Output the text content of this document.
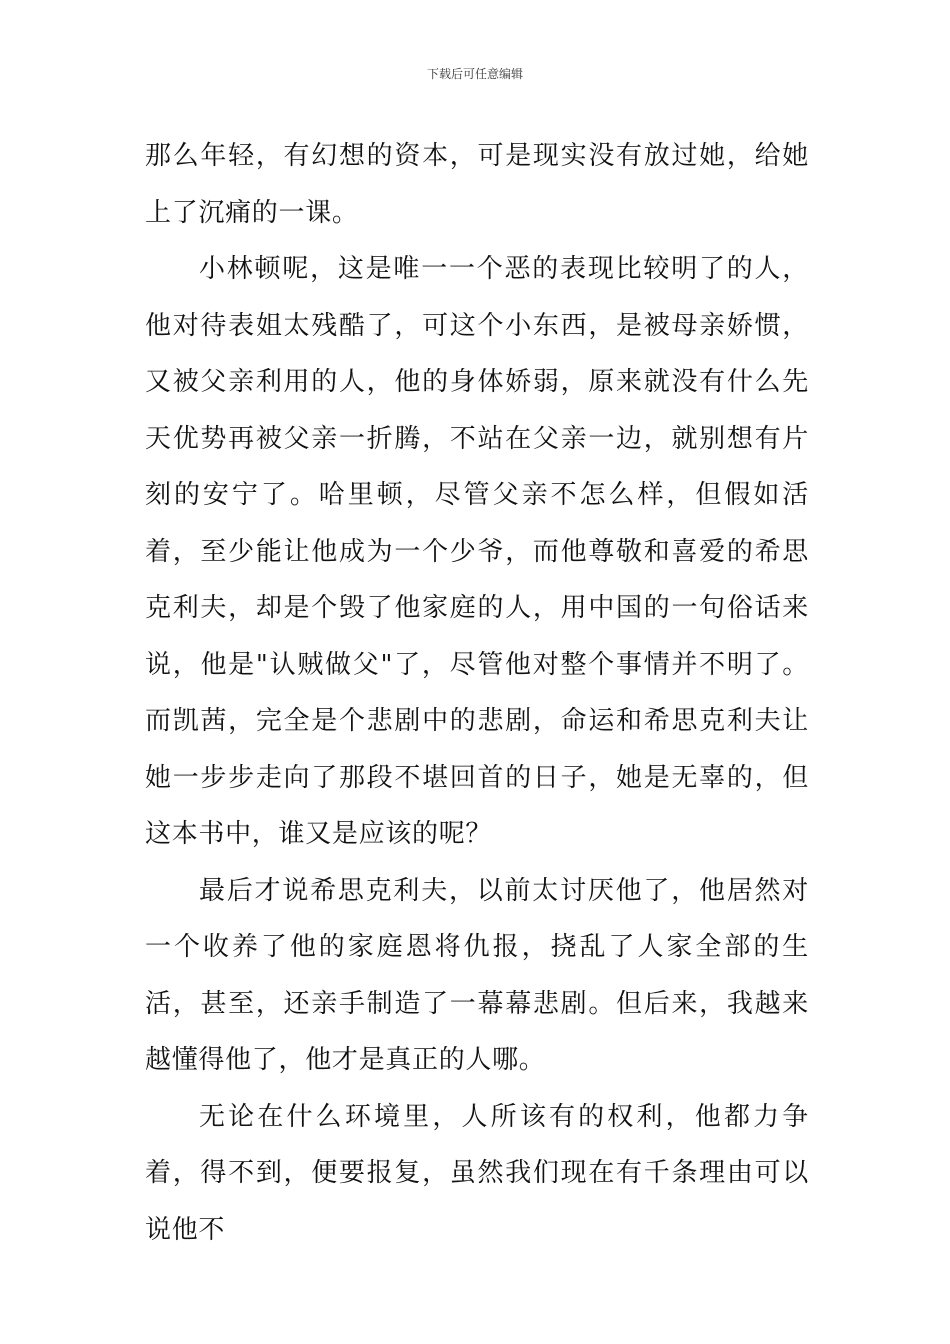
下载后可任意编辑

那么年轻，有幻想的资本，可是现实没有放过她，给她上了沉痛的一课。

小林顿呢，这是唯一一个恶的表现比较明了的人，他对待表姐太残酷了，可这个小东西，是被母亲娇惯，又被父亲利用的人，他的身体娇弱，原来就没有什么先天优势再被父亲一折腾，不站在父亲一边，就别想有片刻的安宁了。哈里顿，尽管父亲不怎么样，但假如活着，至少能让他成为一个少爷，而他尊敬和喜爱的希思克利夫，却是个毁了他家庭的人，用中国的一句俗话来说，他是"认贼做父"了，尽管他对整个事情并不明了。而凯茜，完全是个悲剧中的悲剧，命运和希思克利夫让她一步步走向了那段不堪回首的日子，她是无辜的，但这本书中，谁又是应该的呢？

最后才说希思克利夫，以前太讨厌他了，他居然对一个收养了他的家庭恩将仇报，挠乱了人家全部的生活，甚至，还亲手制造了一幕幕悲剧。但后来，我越来越懂得他了，他才是真正的人哪。

无论在什么环境里，人所该有的权利，他都力争着，得不到，便要报复，虽然我们现在有千条理由可以说他不
